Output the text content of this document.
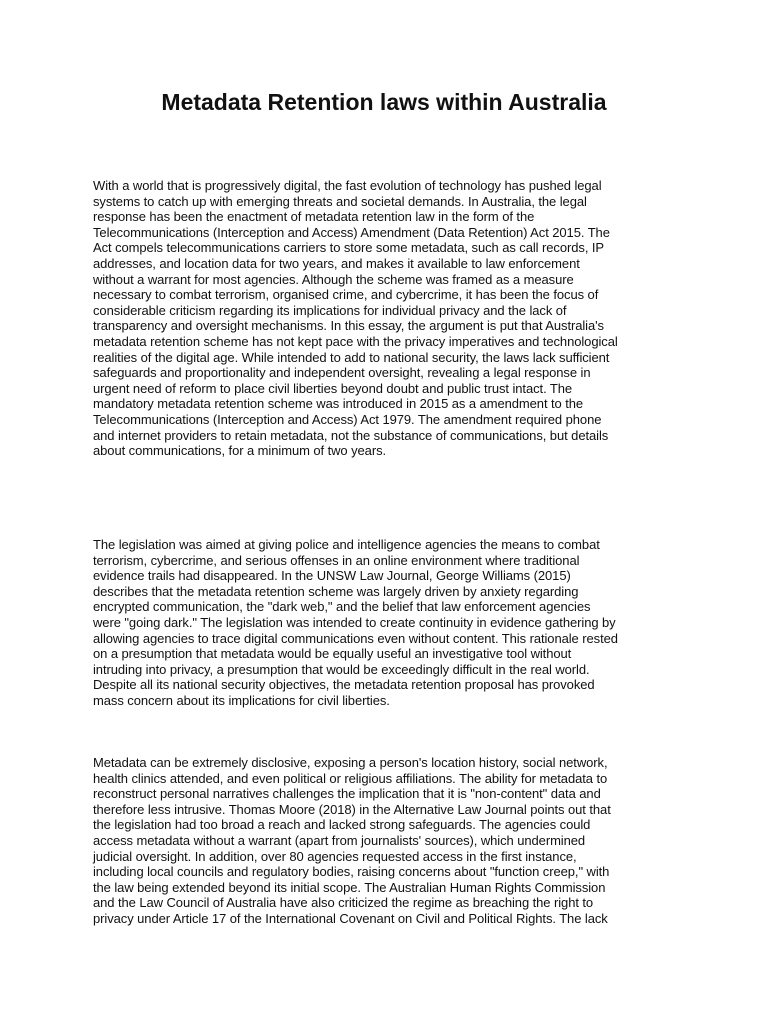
Metadata Retention laws within Australia

With a world that is progressively digital, the fast evolution of technology has pushed legal
systems to catch up with emerging threats and societal demands. In Australia, the legal
response has been the enactment of metadata retention law in the form of the
Telecommunications (Interception and Access) Amendment (Data Retention) Act 2015. The
Act compels telecommunications carriers to store some metadata, such as call records, IP
addresses, and location data for two years, and makes it available to law enforcement
without a warrant for most agencies. Although the scheme was framed as a measure
necessary to combat terrorism, organised crime, and cybercrime, it has been the focus of
considerable criticism regarding its implications for individual privacy and the lack of
transparency and oversight mechanisms. In this essay, the argument is put that Australia's
metadata retention scheme has not kept pace with the privacy imperatives and technological
realities of the digital age. While intended to add to national security, the laws lack sufficient
safeguards and proportionality and independent oversight, revealing a legal response in
urgent need of reform to place civil liberties beyond doubt and public trust intact. The
mandatory metadata retention scheme was introduced in 2015 as a amendment to the
Telecommunications (Interception and Access) Act 1979. The amendment required phone
and internet providers to retain metadata, not the substance of communications, but details
about communications, for a minimum of two years.

The legislation was aimed at giving police and intelligence agencies the means to combat
terrorism, cybercrime, and serious offenses in an online environment where traditional
evidence trails had disappeared. In the UNSW Law Journal, George Williams (2015)
describes that the metadata retention scheme was largely driven by anxiety regarding
encrypted communication, the "dark web," and the belief that law enforcement agencies
were "going dark." The legislation was intended to create continuity in evidence gathering by
allowing agencies to trace digital communications even without content. This rationale rested
on a presumption that metadata would be equally useful an investigative tool without
intruding into privacy, a presumption that would be exceedingly difficult in the real world.
Despite all its national security objectives, the metadata retention proposal has provoked
mass concern about its implications for civil liberties.

Metadata can be extremely disclosive, exposing a person's location history, social network,
health clinics attended, and even political or religious affiliations. The ability for metadata to
reconstruct personal narratives challenges the implication that it is "non-content" data and
therefore less intrusive. Thomas Moore (2018) in the Alternative Law Journal points out that
the legislation had too broad a reach and lacked strong safeguards. The agencies could
access metadata without a warrant (apart from journalists' sources), which undermined
judicial oversight. In addition, over 80 agencies requested access in the first instance,
including local councils and regulatory bodies, raising concerns about "function creep," with
the law being extended beyond its initial scope. The Australian Human Rights Commission
and the Law Council of Australia have also criticized the regime as breaching the right to
privacy under Article 17 of the International Covenant on Civil and Political Rights. The lack
